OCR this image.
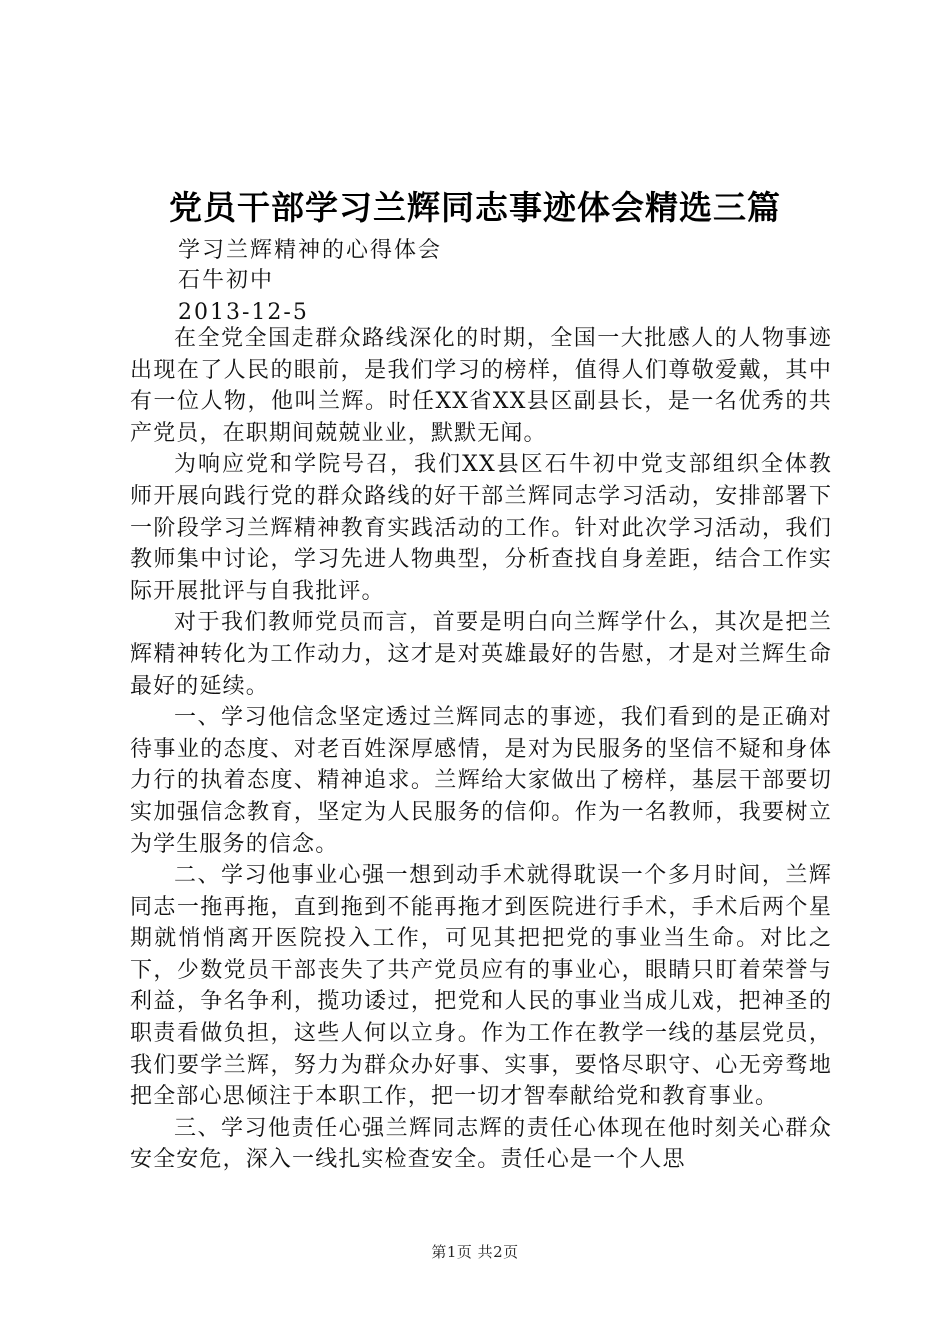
党员干部学习兰辉同志事迹体会精选三篇

学习兰辉精神的心得体会

石牛初中

2013-12-5

在全党全国走群众路线深化的时期，全国一大批感人的人物事迹出现在了人民的眼前，是我们学习的榜样，值得人们尊敬爱戴，其中有一位人物，他叫兰辉。时任XX省XX县区副县长，是一名优秀的共产党员，在职期间兢兢业业，默默无闻。

为响应党和学院号召，我们XX县区石牛初中党支部组织全体教师开展向践行党的群众路线的好干部兰辉同志学习活动，安排部署下一阶段学习兰辉精神教育实践活动的工作。针对此次学习活动，我们教师集中讨论，学习先进人物典型，分析查找自身差距，结合工作实际开展批评与自我批评。

对于我们教师党员而言，首要是明白向兰辉学什么，其次是把兰辉精神转化为工作动力，这才是对英雄最好的告慰，才是对兰辉生命最好的延续。

一、学习他信念坚定透过兰辉同志的事迹，我们看到的是正确对待事业的态度、对老百姓深厚感情，是对为民服务的坚信不疑和身体力行的执着态度、精神追求。兰辉给大家做出了榜样，基层干部要切实加强信念教育，坚定为人民服务的信仰。作为一名教师，我要树立为学生服务的信念。

二、学习他事业心强一想到动手术就得耽误一个多月时间，兰辉同志一拖再拖，直到拖到不能再拖才到医院进行手术，手术后两个星期就悄悄离开医院投入工作，可见其把把党的事业当生命。对比之下，少数党员干部丧失了共产党员应有的事业心，眼睛只盯着荣誉与利益，争名争利，揽功诿过，把党和人民的事业当成儿戏，把神圣的职责看做负担，这些人何以立身。作为工作在教学一线的基层党员，我们要学兰辉，努力为群众办好事、实事，要恪尽职守、心无旁骛地把全部心思倾注于本职工作，把一切才智奉献给党和教育事业。

三、学习他责任心强兰辉同志辉的责任心体现在他时刻关心群众安全安危，深入一线扎实检查安全。责任心是一个人思

第1页 共2页
